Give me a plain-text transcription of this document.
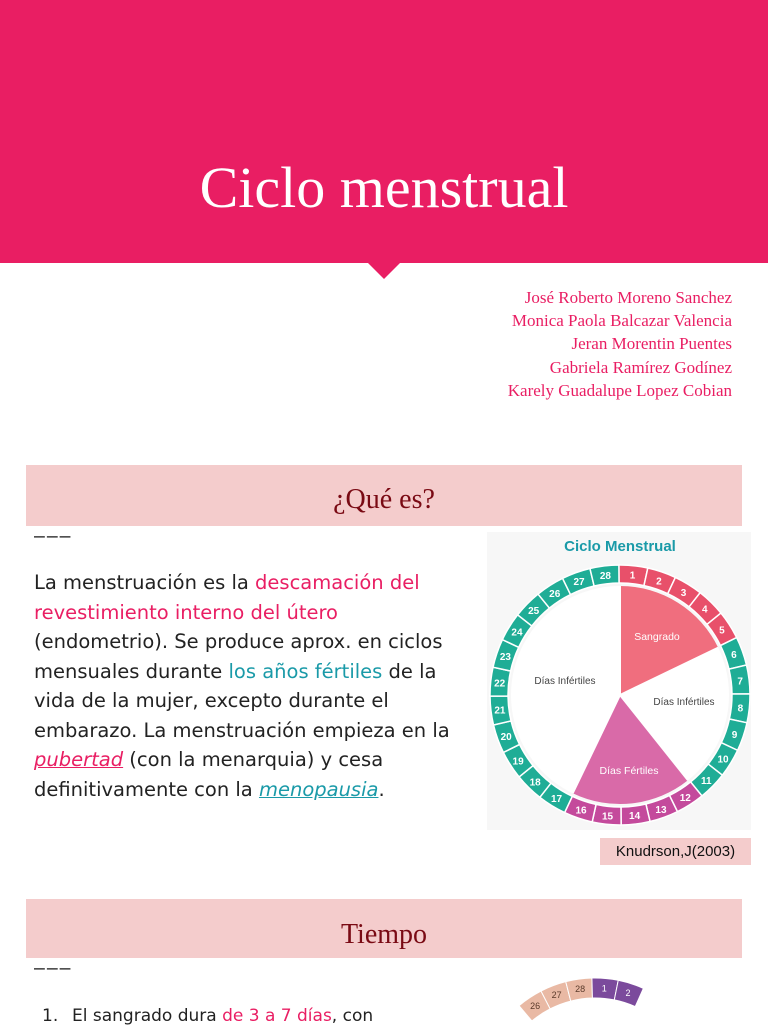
Ciclo menstrual
José Roberto Moreno Sanchez
Monica Paola Balcazar Valencia
Jeran Morentin Puentes
Gabriela Ramírez Godínez
Karely Guadalupe Lopez Cobian
¿Qué es?
———

La menstruación es la descamación del revestimiento interno del útero (endometrio). Se produce aprox. en ciclos mensuales durante los años fértiles de la vida de la mujer, excepto durante el embarazo. La menstruación empieza en la pubertad (con la menarquia) y cesa definitivamente con la menopausia.

Ciclo Menstrual
1
2
3
4
5
6
7
8
9
10
11
12
13
14
15
16
17
18
19
20
21
22
23
24
25
26
27
28
Sangrado
Días Infértiles
Días Infértiles
Días Fértiles
Knudrson,J(2003)
Tiempo
———
1. El sangrado dura de 3 a 7 días, con	26
27
28 1 2
